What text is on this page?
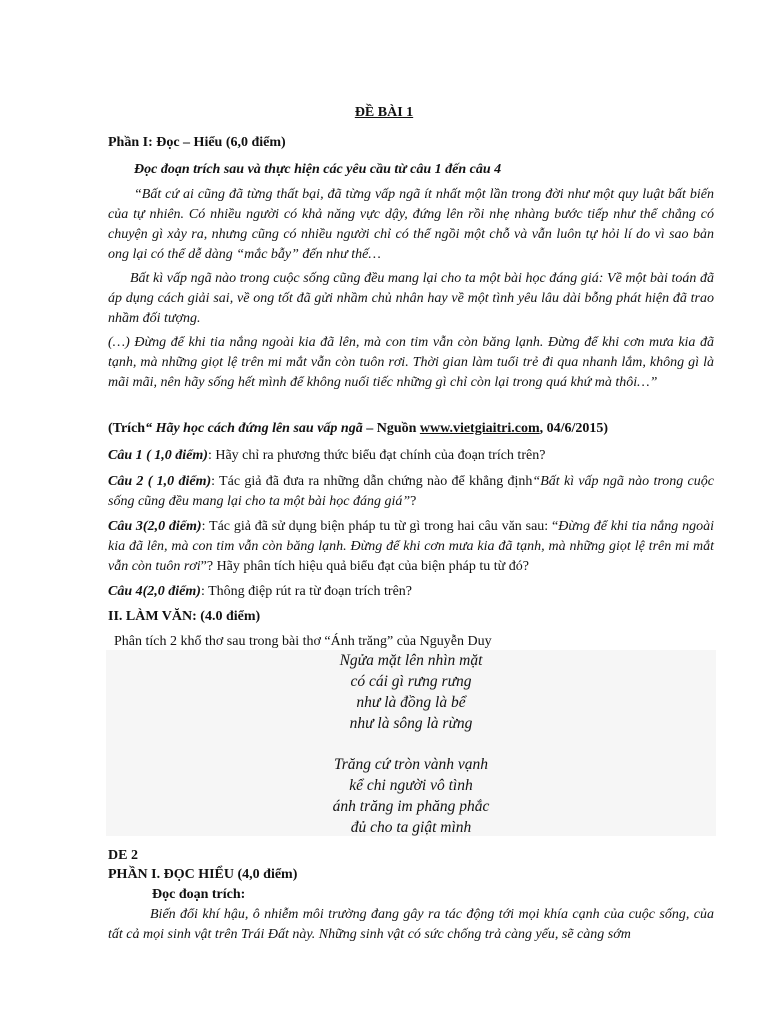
ĐỀ BÀI 1
Phần I: Đọc – Hiểu (6,0 điểm)
Đọc đoạn trích sau và thực hiện các yêu cầu từ câu 1 đến câu 4

“Bất cứ ai cũng đã từng thất bại, đã từng vấp ngã ít nhất một lần trong đời như một quy luật bất biến của tự nhiên. Có nhiều người có khả năng vực dậy, đứng lên rồi nhẹ nhàng bước tiếp như thể chẳng có chuyện gì xảy ra, nhưng cũng có nhiều người chỉ có thể ngồi một chỗ và vẫn luôn tự hỏi lí do vì sao bản ong lại có thể dễ dàng “mắc bẫy” đến như thế…

Bất kì vấp ngã nào trong cuộc sống cũng đều mang lại cho ta một bài học đáng giá: Về một bài toán đã áp dụng cách giải sai, về ong tốt đã gửi nhầm chủ nhân hay về một tình yêu lâu dài bỗng phát hiện đã trao nhầm đối tượng.

(…) Đừng để khi tia nắng ngoài kia đã lên, mà con tim vẫn còn băng lạnh. Đừng để khi cơn mưa kia đã tạnh, mà những giọt lệ trên mi mắt vẫn còn tuôn rơi. Thời gian làm tuổi trẻ đi qua nhanh lắm, không gì là mãi mãi, nên hãy sống hết mình để không nuối tiếc những gì chỉ còn lại trong quá khứ mà thôi…”

(Trích“ Hãy học cách đứng lên sau vấp ngã – Nguồn www.vietgiaitri.com, 04/6/2015)

Câu 1 ( 1,0 điểm): Hãy chỉ ra phương thức biểu đạt chính của đoạn trích trên?

Câu 2 ( 1,0 điểm): Tác giả đã đưa ra những dẫn chứng nào để khẳng định“Bất kì vấp ngã nào trong cuộc sống cũng đều mang lại cho ta một bài học đáng giá”?

Câu 3(2,0 điểm): Tác giả đã sử dụng biện pháp tu từ gì trong hai câu văn sau: “Đừng để khi tia nắng ngoài kia đã lên, mà con tim vẫn còn băng lạnh. Đừng để khi cơn mưa kia đã tạnh, mà những giọt lệ trên mi mắt vẫn còn tuôn rơi”? Hãy phân tích hiệu quả biểu đạt của biện pháp tu từ đó?

Câu 4(2,0 điểm): Thông điệp rút ra từ đoạn trích trên?

II. LÀM VĂN: (4.0 điểm)
Phân tích 2 khổ thơ sau trong bài thơ “Ánh trăng” của Nguyễn Duy
Ngửa mặt lên nhìn mặt
có cái gì rưng rưng
như là đồng là bể
như là sông là rừng
Trăng cứ tròn vành vạnh
kể chi người vô tình
ánh trăng im phăng phắc
đủ cho ta giật mình
DE 2
PHẦN I. ĐỌC HIỂU (4,0 điểm)
Đọc đoạn trích:

Biến đổi khí hậu, ô nhiễm môi trường đang gây ra tác động tới mọi khía cạnh của cuộc sống, của tất cả mọi sinh vật trên Trái Đất này. Những sinh vật có sức chống trả càng yếu, sẽ càng sớm
